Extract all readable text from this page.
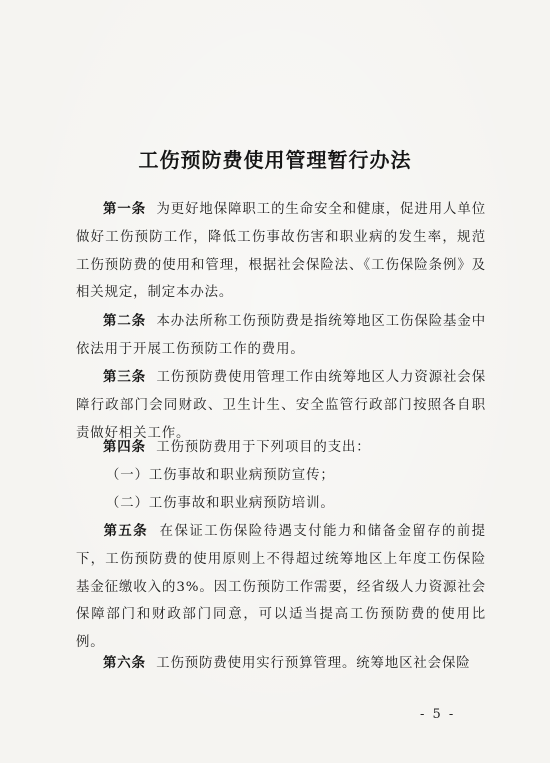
工伤预防费使用管理暂行办法

第一条 为更好地保障职工的生命安全和健康，促进用人单位做好工伤预防工作，降低工伤事故伤害和职业病的发生率，规范工伤预防费的使用和管理，根据社会保险法、《工伤保险条例》及相关规定，制定本办法。

第二条 本办法所称工伤预防费是指统筹地区工伤保险基金中依法用于开展工伤预防工作的费用。

第三条 工伤预防费使用管理工作由统筹地区人力资源社会保障行政部门会同财政、卫生计生、安全监管行政部门按照各自职责做好相关工作。

第四条 工伤预防费用于下列项目的支出：

（一）工伤事故和职业病预防宣传；
（二）工伤事故和职业病预防培训。

第五条 在保证工伤保险待遇支付能力和储备金留存的前提下，工伤预防费的使用原则上不得超过统筹地区上年度工伤保险基金征缴收入的3%。因工伤预防工作需要，经省级人力资源社会保障部门和财政部门同意，可以适当提高工伤预防费的使用比例。

第六条 工伤预防费使用实行预算管理。统筹地区社会保险

- 5 -
